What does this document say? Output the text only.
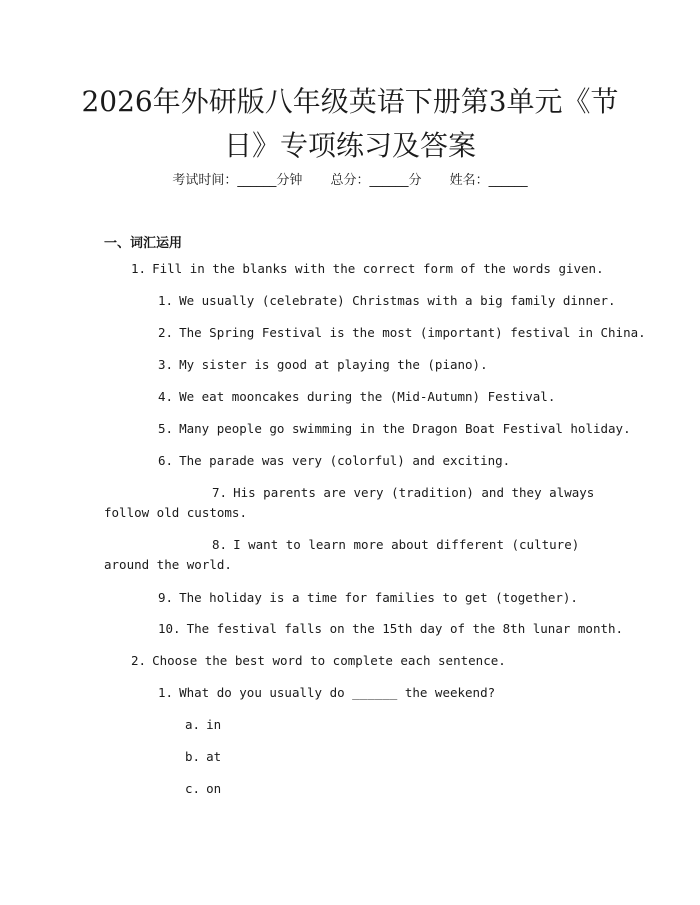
2026年外研版八年级英语下册第3单元《节日》专项练习及答案
考试时间：______分钟 总分：______分 姓名：______
一、词汇运用
1. Fill in the blanks with the correct form of the words given.
1. We usually (celebrate) Christmas with a big family dinner.
2. The Spring Festival is the most (important) festival in China.
3. My sister is good at playing the (piano).
4. We eat mooncakes during the (Mid-Autumn) Festival.
5. Many people go swimming in the Dragon Boat Festival holiday.
6. The parade was very (colorful) and exciting.
7. His parents are very (tradition) and they always follow old customs.
8. I want to learn more about different (culture) around the world.
9. The holiday is a time for families to get (together).
10. The festival falls on the 15th day of the 8th lunar month.
2. Choose the best word to complete each sentence.
1. What do you usually do ______ the weekend?
a. in
b. at
c. on
